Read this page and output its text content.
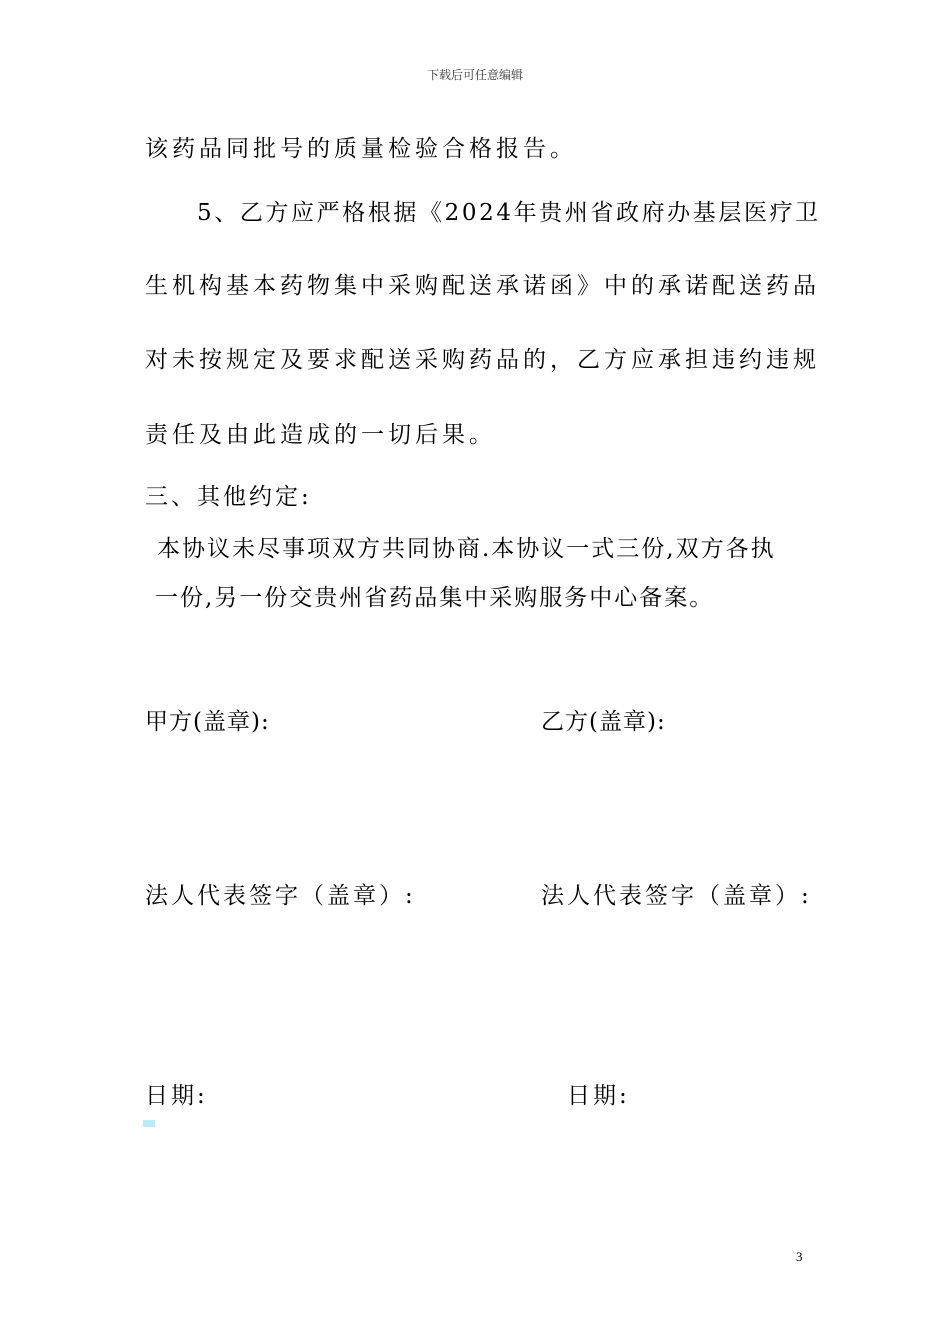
下载后可任意编辑
该药品同批号的质量检验合格报告。
5、乙方应严格根据《2024年贵州省政府办基层医疗卫
生机构基本药物集中采购配送承诺函》中的承诺配送药品
对未按规定及要求配送采购药品的，乙方应承担违约违规
责任及由此造成的一切后果。
三、其他约定:
本协议未尽事项双方共同协商.本协议一式三份,双方各执
一份,另一份交贵州省药品集中采购服务中心备案。
甲方(盖章):	乙方(盖章):
法人代表签字（盖章）:	法人代表签字（盖章）:
日期:	日期:
3
